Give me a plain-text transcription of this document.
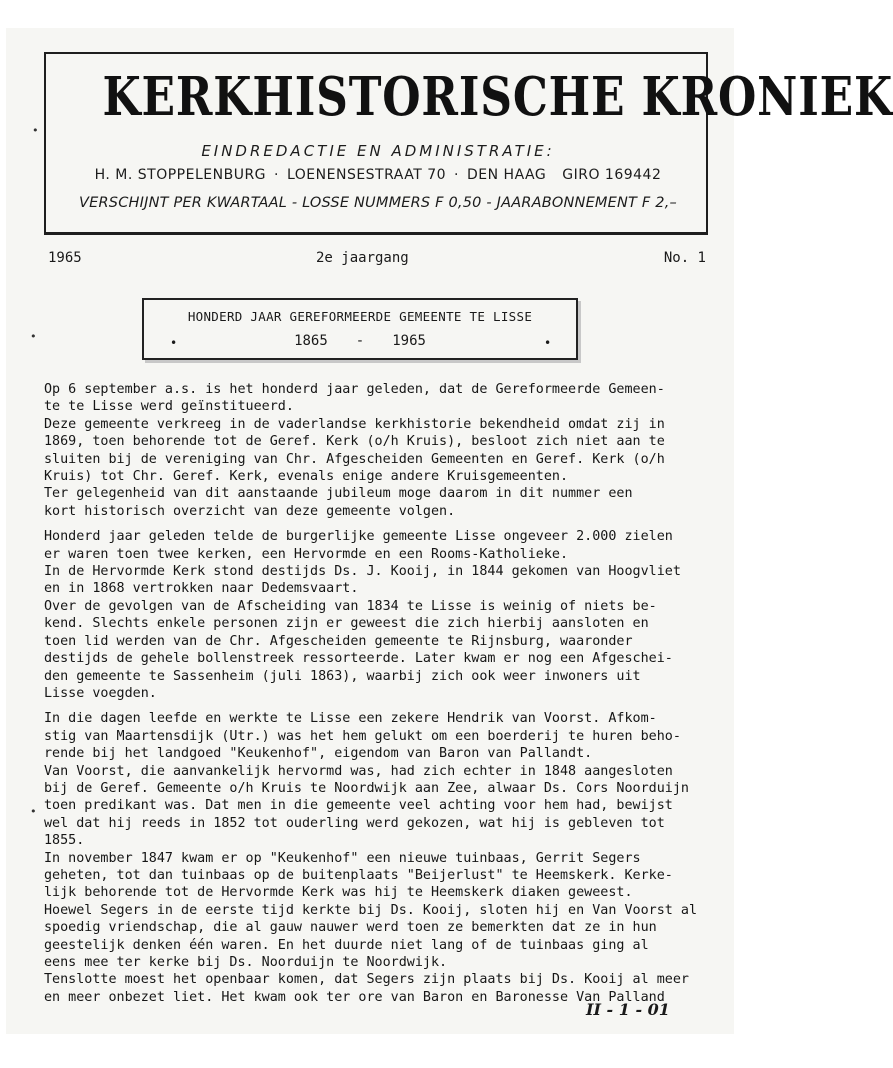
KERKHISTORISCHE KRONIEK
EINDREDACTIE EN ADMINISTRATIE:
H. M. STOPPELENBURG · LOENENSESTRAAT 70 · DEN HAAG GIRO 169442
VERSCHIJNT PER KWARTAAL - LOSSE NUMMERS F 0,50 - JAARABONNEMENT F 2,–
1965	2e jaargang	No. 1
HONDERD JAAR GEREFORMEERDE GEMEENTE TE LISSE
•	1865 - 1965	•

Op 6 september a.s. is het honderd jaar geleden, dat de Gereformeerde Gemeen-

te te Lisse werd geïnstitueerd.

Deze gemeente verkreeg in de vaderlandse kerkhistorie bekendheid omdat zij in

1869, toen behorende tot de Geref. Kerk (o/h Kruis), besloot zich niet aan te

sluiten bij de vereniging van Chr. Afgescheiden Gemeenten en Geref. Kerk (o/h

Kruis) tot Chr. Geref. Kerk, evenals enige andere Kruisgemeenten.

Ter gelegenheid van dit aanstaande jubileum moge daarom in dit nummer een

kort historisch overzicht van deze gemeente volgen.

Honderd jaar geleden telde de burgerlijke gemeente Lisse ongeveer 2.000 zielen

er waren toen twee kerken, een Hervormde en een Rooms-Katholieke.

In de Hervormde Kerk stond destijds Ds. J. Kooij, in 1844 gekomen van Hoogvliet

en in 1868 vertrokken naar Dedemsvaart.

Over de gevolgen van de Afscheiding van 1834 te Lisse is weinig of niets be-

kend. Slechts enkele personen zijn er geweest die zich hierbij aansloten en

toen lid werden van de Chr. Afgescheiden gemeente te Rijnsburg, waaronder

destijds de gehele bollenstreek ressorteerde. Later kwam er nog een Afgeschei-

den gemeente te Sassenheim (juli 1863), waarbij zich ook weer inwoners uit

Lisse voegden.

In die dagen leefde en werkte te Lisse een zekere Hendrik van Voorst. Afkom-

stig van Maartensdijk (Utr.) was het hem gelukt om een boerderij te huren beho-

rende bij het landgoed "Keukenhof", eigendom van Baron van Pallandt.

Van Voorst, die aanvankelijk hervormd was, had zich echter in 1848 aangesloten

bij de Geref. Gemeente o/h Kruis te Noordwijk aan Zee, alwaar Ds. Cors Noorduijn

toen predikant was. Dat men in die gemeente veel achting voor hem had, bewijst

wel dat hij reeds in 1852 tot ouderling werd gekozen, wat hij is gebleven tot

1855.

In november 1847 kwam er op "Keukenhof" een nieuwe tuinbaas, Gerrit Segers

geheten, tot dan tuinbaas op de buitenplaats "Beijerlust" te Heemskerk. Kerke-

lijk behorende tot de Hervormde Kerk was hij te Heemskerk diaken geweest.

Hoewel Segers in de eerste tijd kerkte bij Ds. Kooij, sloten hij en Van Voorst al

spoedig vriendschap, die al gauw nauwer werd toen ze bemerkten dat ze in hun

geestelijk denken één waren. En het duurde niet lang of de tuinbaas ging al

eens mee ter kerke bij Ds. Noorduijn te Noordwijk.

Tenslotte moest het openbaar komen, dat Segers zijn plaats bij Ds. Kooij al meer

en meer onbezet liet. Het kwam ook ter ore van Baron en Baronesse Van Palland

II - 1 - 01
•
•
•
